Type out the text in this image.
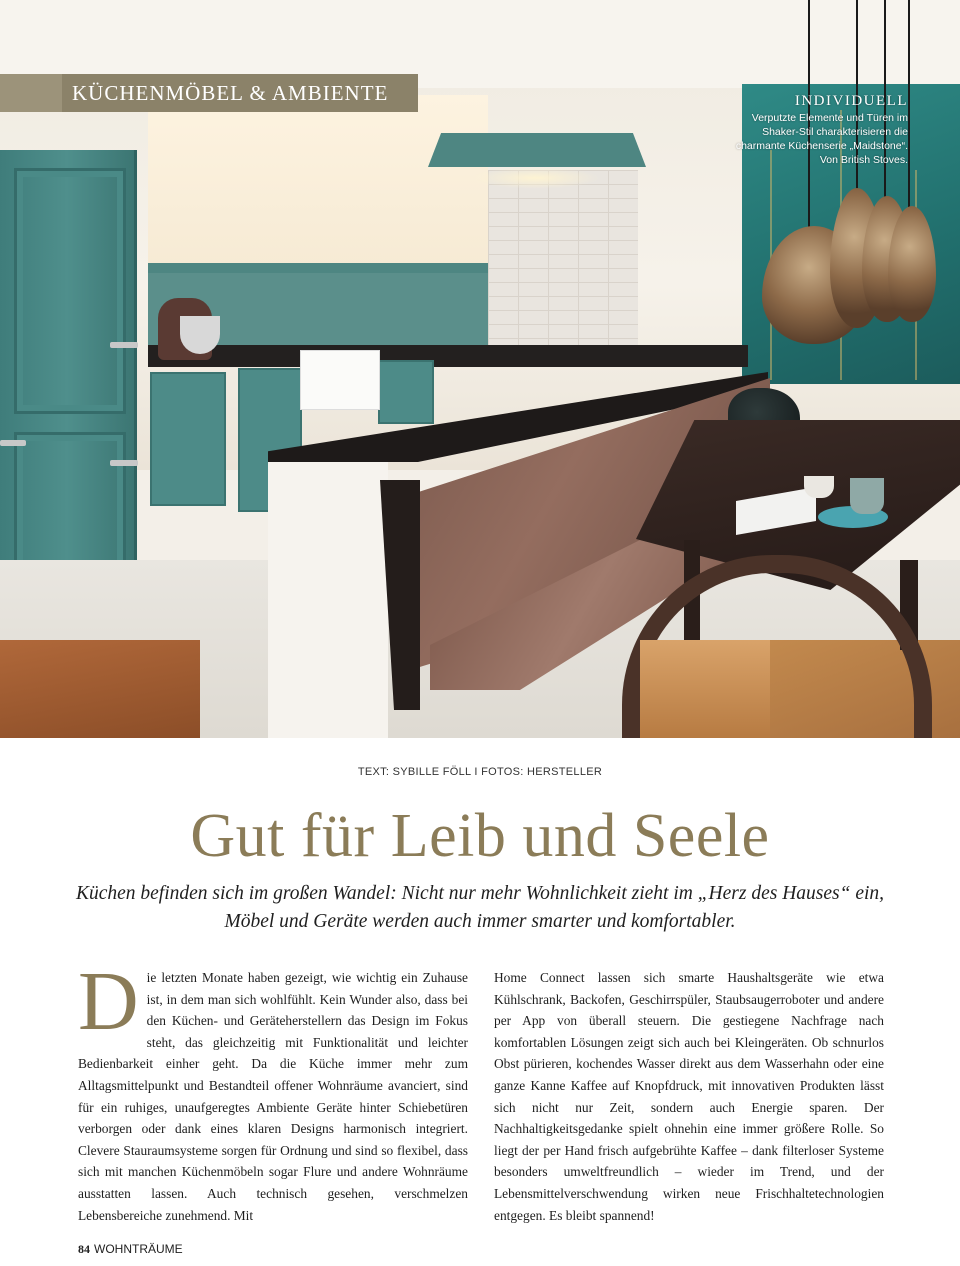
KÜCHENMÖBEL & AMBIENTE	INDIVIDUELL
Verputzte Elemente und Türen im Shaker-Stil charakterisieren die charmante Küchenserie „Maidstone“. Von British Stoves.
TEXT: SYBILLE FÖLL I FOTOS: HERSTELLER
Gut für Leib und Seele
Küchen befinden sich im großen Wandel: Nicht nur mehr Wohnlichkeit zieht im „Herz des Hauses“ ein, Möbel und Geräte werden auch immer smarter und komfortabler.
Die letzten Monate haben gezeigt, wie wichtig ein Zuhause ist, in dem man sich wohlfühlt. Kein Wunder also, dass bei den Küchen- und Geräteherstellern das Design im Fokus steht, das gleichzeitig mit Funktionalität und leichter Bedienbarkeit einher geht. Da die Küche immer mehr zum Alltagsmittelpunkt und Bestandteil offener Wohnräume avanciert, sind für ein ruhiges, unaufgeregtes Ambiente Geräte hinter Schiebetüren verborgen oder dank eines klaren Designs harmonisch integriert. Clevere Stauraumsysteme sorgen für Ordnung und sind so flexibel, dass sich mit manchen Küchenmöbeln sogar Flure und andere Wohnräume ausstatten lassen. Auch technisch gesehen, verschmelzen Lebensbereiche zunehmend. Mit
Home Connect lassen sich smarte Haushaltsgeräte wie etwa Kühlschrank, Backofen, Geschirrspüler, Staubsaugerroboter und andere per App von überall steuern. Die gestiegene Nachfrage nach komfortablen Lösungen zeigt sich auch bei Kleingeräten. Ob schnurlos Obst pürieren, kochendes Wasser direkt aus dem Wasserhahn oder eine ganze Kanne Kaffee auf Knopfdruck, mit innovativen Produkten lässt sich nicht nur Zeit, sondern auch Energie sparen. Der Nachhaltigkeitsgedanke spielt ohnehin eine immer größere Rolle. So liegt der per Hand frisch aufgebrühte Kaffee – dank filterloser Systeme besonders umweltfreundlich – wieder im Trend, und der Lebensmittelverschwendung wirken neue Frischhaltetechnologien entgegen. Es bleibt spannend!
84 WOHNTRÄUME
